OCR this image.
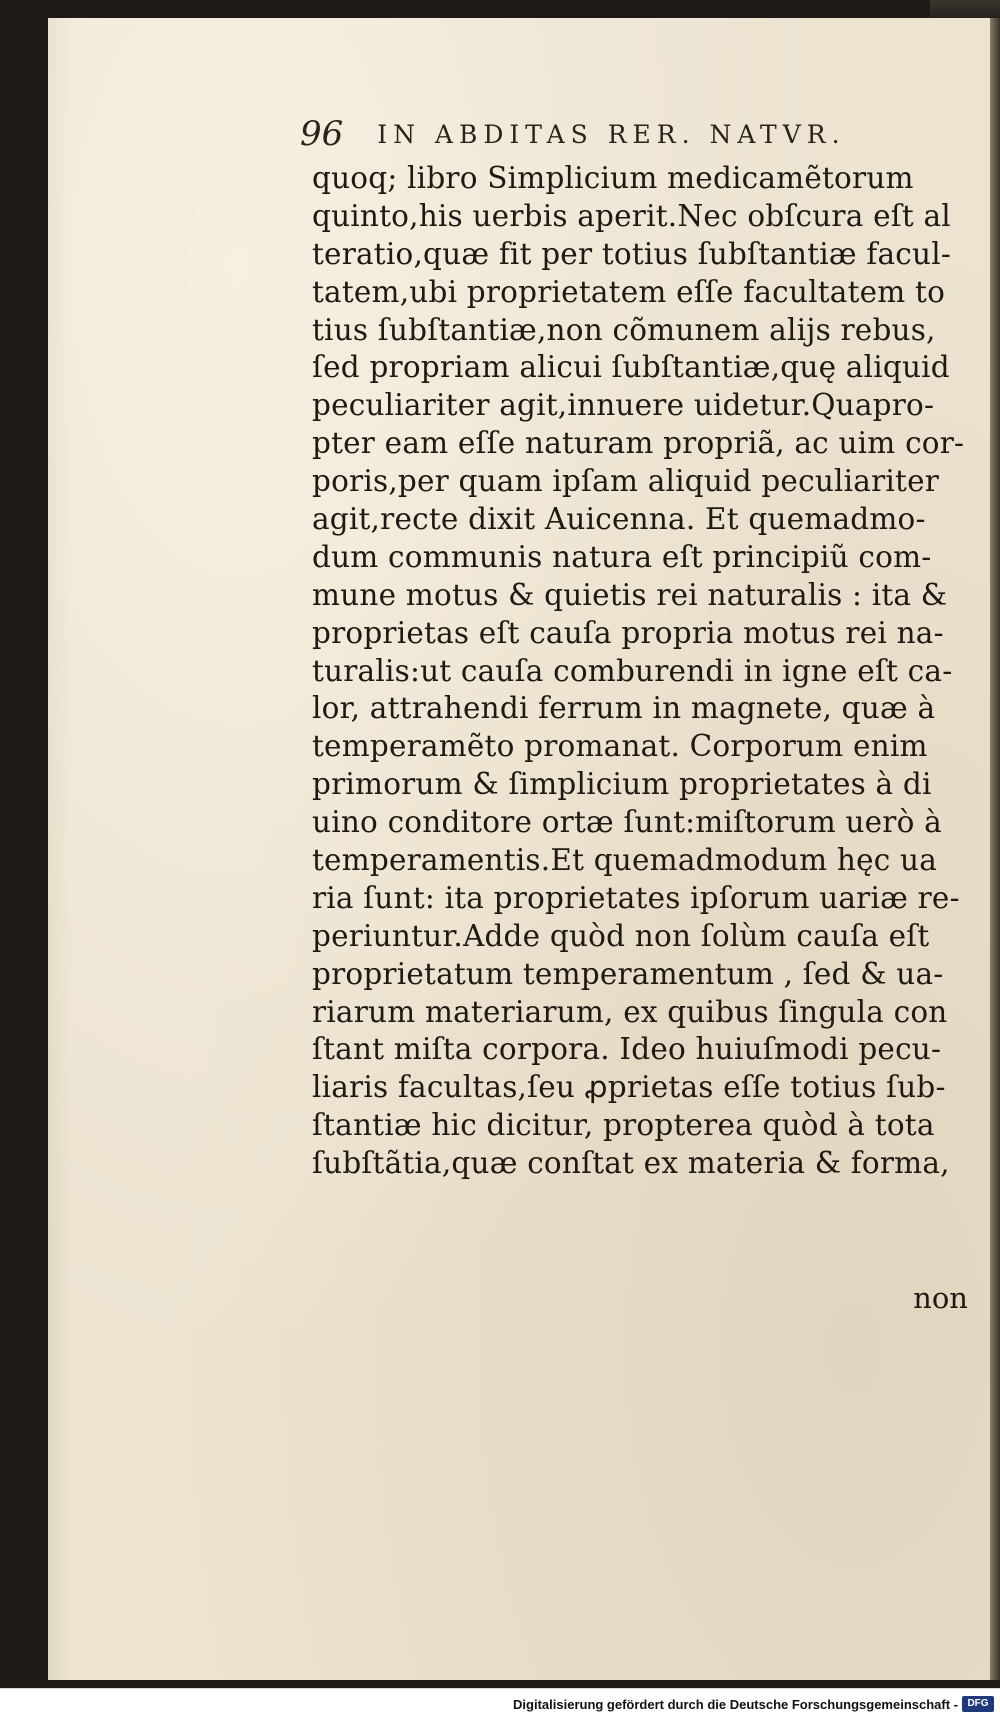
96 IN ABDITAS RER. NATVR.
quoq; libro Simplicium medicamẽtorum
quinto,his uerbis aperit.Nec obſcura eſt al
teratio,quæ fit per totius ſubſtantiæ facul-
tatem,ubi proprietatem eſſe facultatem to
tius ſubſtantiæ,non cõmunem aliјs rebus,
ſed propriam alicui ſubſtantiæ,quę aliquid
peculiariter agit,innuere uidetur.Quapro-
pter eam eſſe naturam propriã, ac uim cor-
poris,per quam ipſam aliquid peculiariter
agit,recte dixit Auicenna. Et quemadmo-
dum communis natura eſt principiũ com-
mune motus & quietis rei naturalis : ita &
proprietas eſt cauſa propria motus rei na-
turalis:ut cauſa comburendi in igne eſt ca-
lor, attrahendi ferrum in magnete, quæ à
temperamẽto promanat. Corporum enim
primorum & ſimplicium proprietates à di
uino conditore ortæ ſunt:miſtorum uerò à
temperamentis.Et quemadmodum hęc ua
ria ſunt: ita proprietates ipſorum uariæ re-
periuntur.Adde quòd non ſolùm cauſa eſt
proprietatum temperamentum , ſed & ua-
riarum materiarum, ex quibus ſingula con
ſtant miſta corpora. Ideo huiuſmodi pecu-
liaris facultas,ſeu ꝓprietas eſſe totius ſub-
ſtantiæ hic dicitur, propterea quòd à tota
ſubſtãtia,quæ conſtat ex materia & forma,
non
Digitalisierung gefördert durch die Deutsche Forschungsgemeinschaft - DFG
